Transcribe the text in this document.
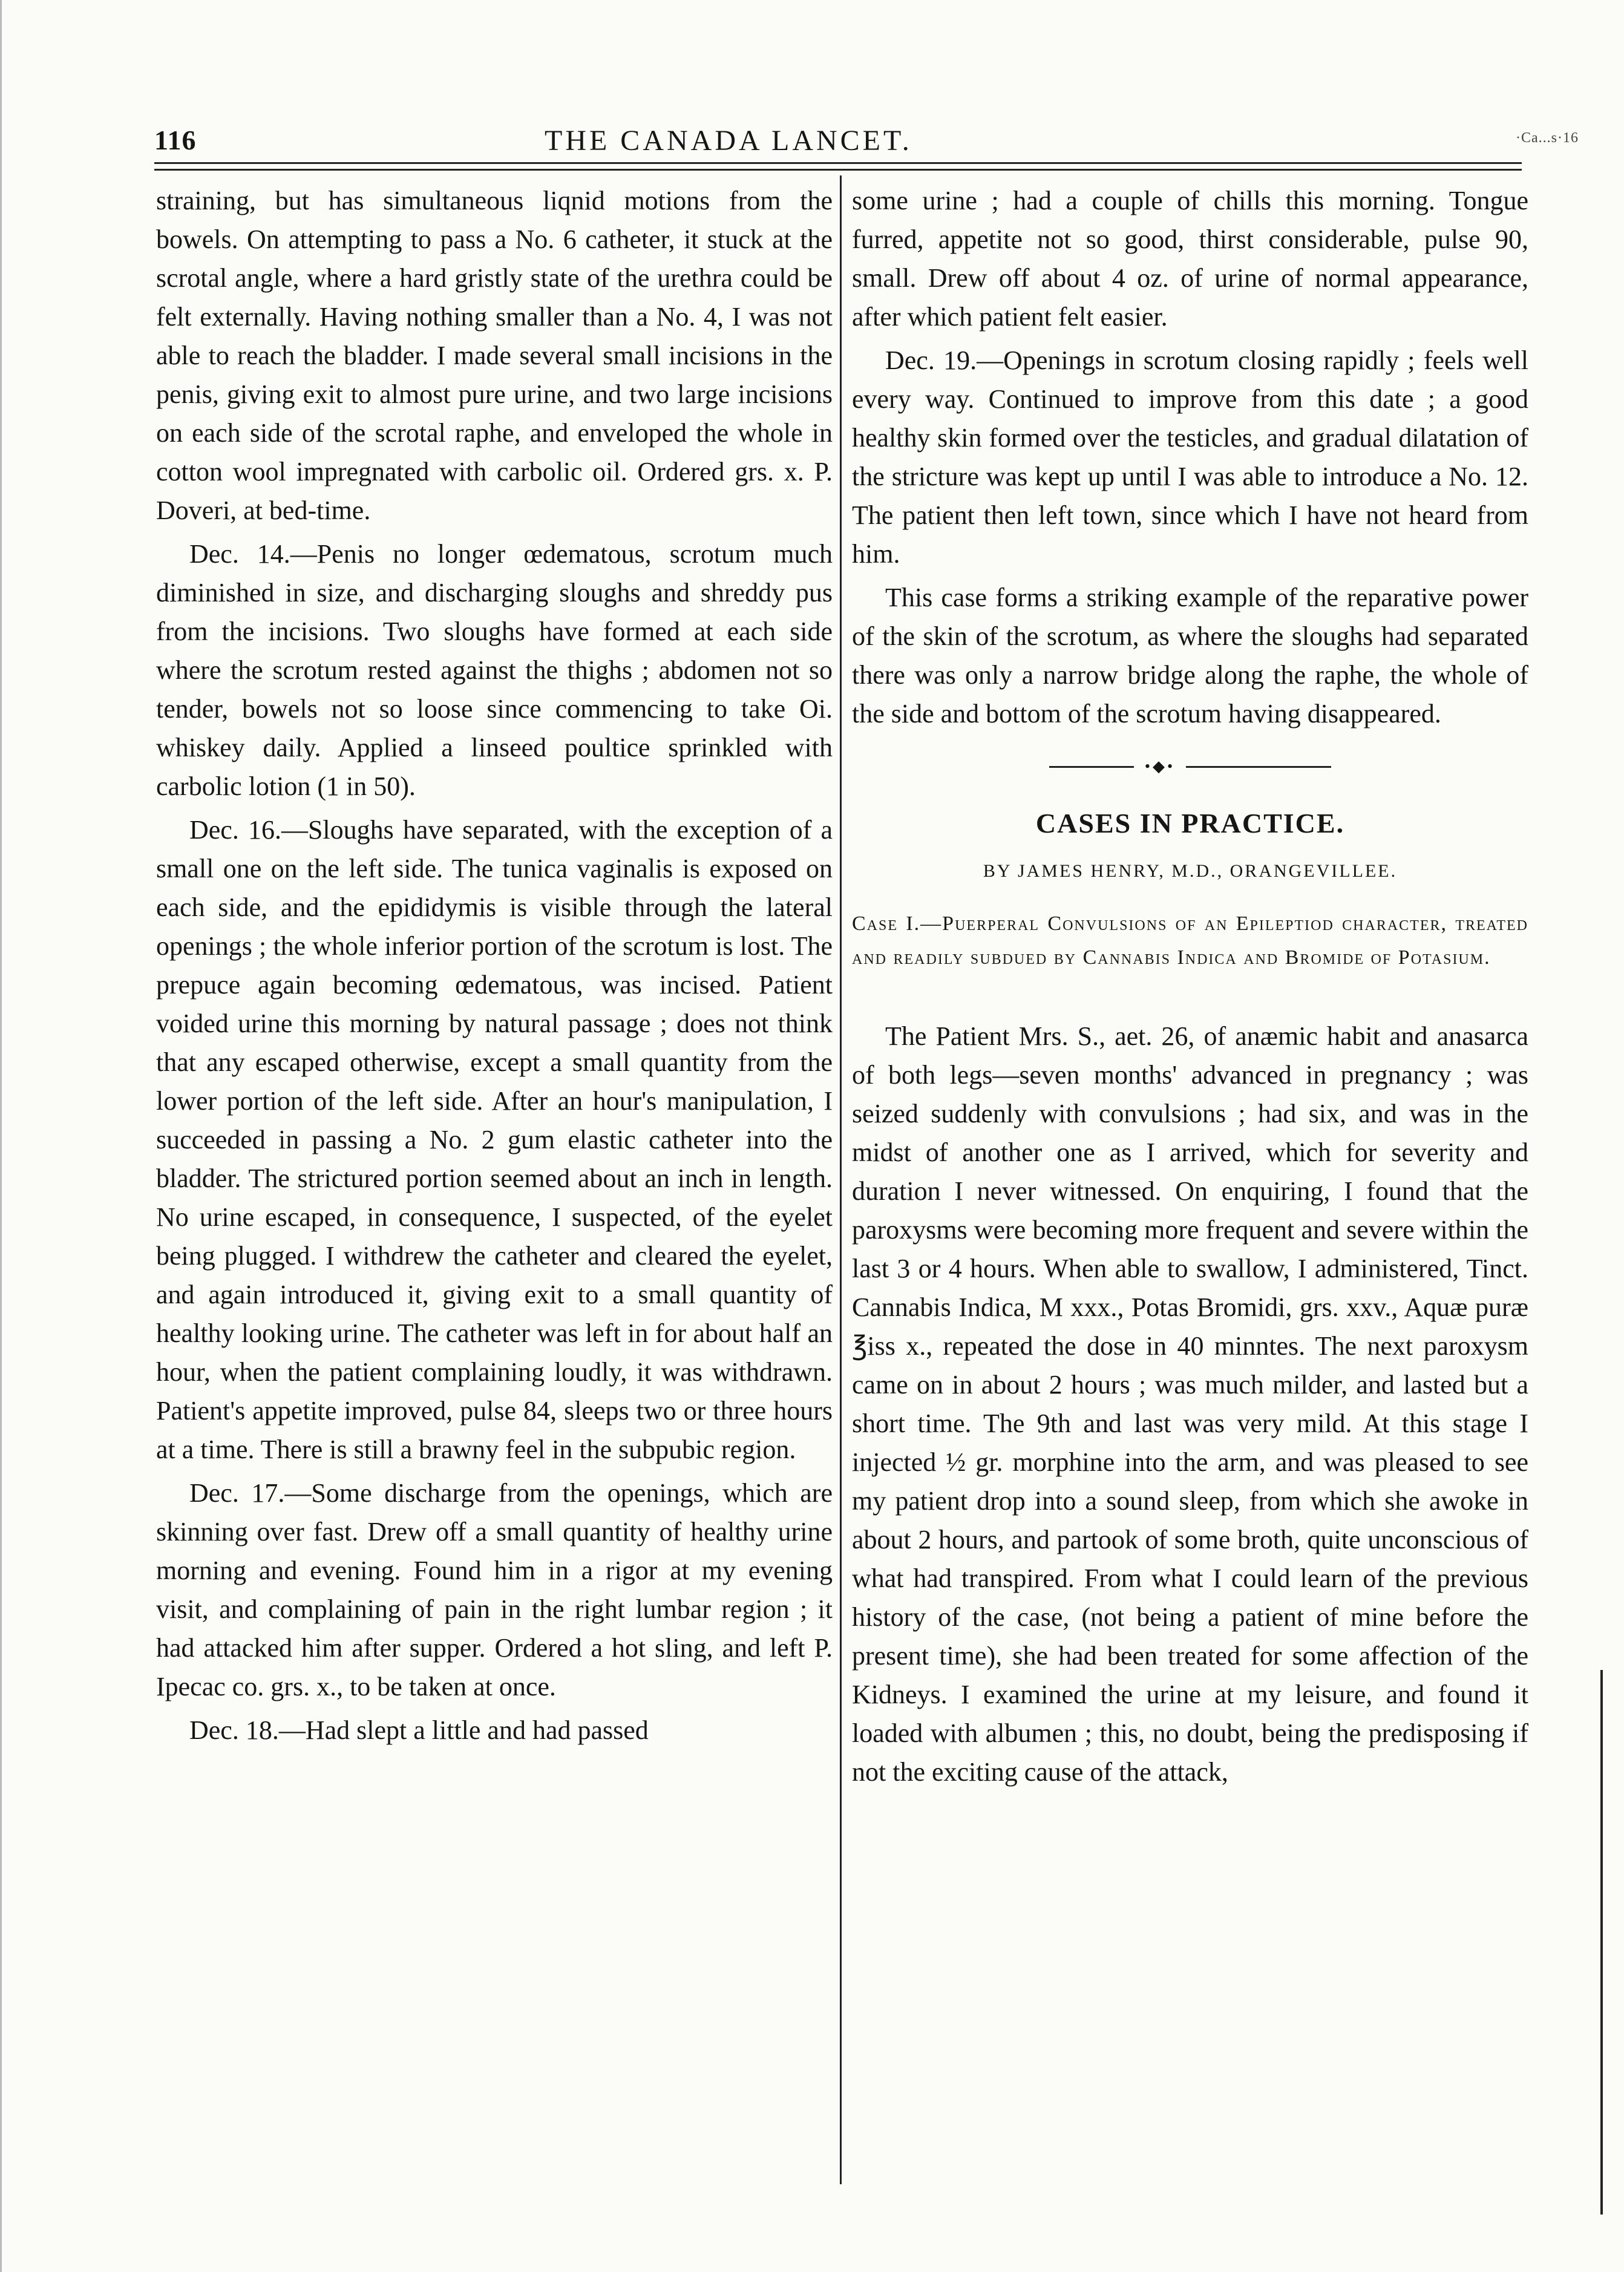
116	THE CANADA LANCET.	·Ca...s·16

straining, but has simultaneous liqnid motions from the bowels. On attempting to pass a No. 6 catheter, it stuck at the scrotal angle, where a hard gristly state of the urethra could be felt externally. Having nothing smaller than a No. 4, I was not able to reach the bladder. I made several small incisions in the penis, giving exit to almost pure urine, and two large incisions on each side of the scrotal raphe, and enveloped the whole in cotton wool impregnated with carbolic oil. Ordered grs. x. P. Doveri, at bed-time.

Dec. 14.—Penis no longer œdematous, scrotum much diminished in size, and discharging sloughs and shreddy pus from the incisions. Two sloughs have formed at each side where the scrotum rested against the thighs ; abdomen not so tender, bowels not so loose since commencing to take Oi. whiskey daily. Applied a linseed poultice sprinkled with carbolic lotion (1 in 50).

Dec. 16.—Sloughs have separated, with the exception of a small one on the left side. The tunica vaginalis is exposed on each side, and the epididymis is visible through the lateral openings ; the whole inferior portion of the scrotum is lost. The prepuce again becoming œdematous, was incised. Patient voided urine this morning by natural passage ; does not think that any escaped otherwise, except a small quantity from the lower portion of the left side. After an hour's manipulation, I succeeded in passing a No. 2 gum elastic catheter into the bladder. The strictured portion seemed about an inch in length. No urine escaped, in consequence, I suspected, of the eyelet being plugged. I withdrew the catheter and cleared the eyelet, and again introduced it, giving exit to a small quantity of healthy looking urine. The catheter was left in for about half an hour, when the patient complaining loudly, it was withdrawn. Patient's appetite improved, pulse 84, sleeps two or three hours at a time. There is still a brawny feel in the subpubic region.

Dec. 17.—Some discharge from the openings, which are skinning over fast. Drew off a small quantity of healthy urine morning and evening. Found him in a rigor at my evening visit, and complaining of pain in the right lumbar region ; it had attacked him after supper. Ordered a hot sling, and left P. Ipecac co. grs. x., to be taken at once.

Dec. 18.—Had slept a little and had passed

some urine ; had a couple of chills this morning. Tongue furred, appetite not so good, thirst considerable, pulse 90, small. Drew off about 4 oz. of urine of normal appearance, after which patient felt easier.

Dec. 19.—Openings in scrotum closing rapidly ; feels well every way. Continued to improve from this date ; a good healthy skin formed over the testicles, and gradual dilatation of the stricture was kept up until I was able to introduce a No. 12. The patient then left town, since which I have not heard from him.

This case forms a striking example of the reparative power of the skin of the scrotum, as where the sloughs had separated there was only a narrow bridge along the raphe, the whole of the side and bottom of the scrotum having disappeared.

•◆•
CASES IN PRACTICE.
BY JAMES HENRY, M.D., ORANGEVILLEE.

Case I.—Puerperal Convulsions of an Epileptiod character, treated and readily subdued by Cannabis Indica and Bromide of Potasium.

The Patient Mrs. S., aet. 26, of anæmic habit and anasarca of both legs—seven months' advanced in pregnancy ; was seized suddenly with convulsions ; had six, and was in the midst of another one as I arrived, which for severity and duration I never witnessed. On enquiring, I found that the paroxysms were becoming more frequent and severe within the last 3 or 4 hours. When able to swallow, I administered, Tinct. Cannabis Indica, M xxx., Potas Bromidi, grs. xxv., Aquæ puræ ℥iss x., repeated the dose in 40 minntes. The next paroxysm came on in about 2 hours ; was much milder, and lasted but a short time. The 9th and last was very mild. At this stage I injected ½ gr. morphine into the arm, and was pleased to see my patient drop into a sound sleep, from which she awoke in about 2 hours, and partook of some broth, quite unconscious of what had transpired. From what I could learn of the previous history of the case, (not being a patient of mine before the present time), she had been treated for some affection of the Kidneys. I examined the urine at my leisure, and found it loaded with albumen ; this, no doubt, being the predisposing if not the exciting cause of the attack,
